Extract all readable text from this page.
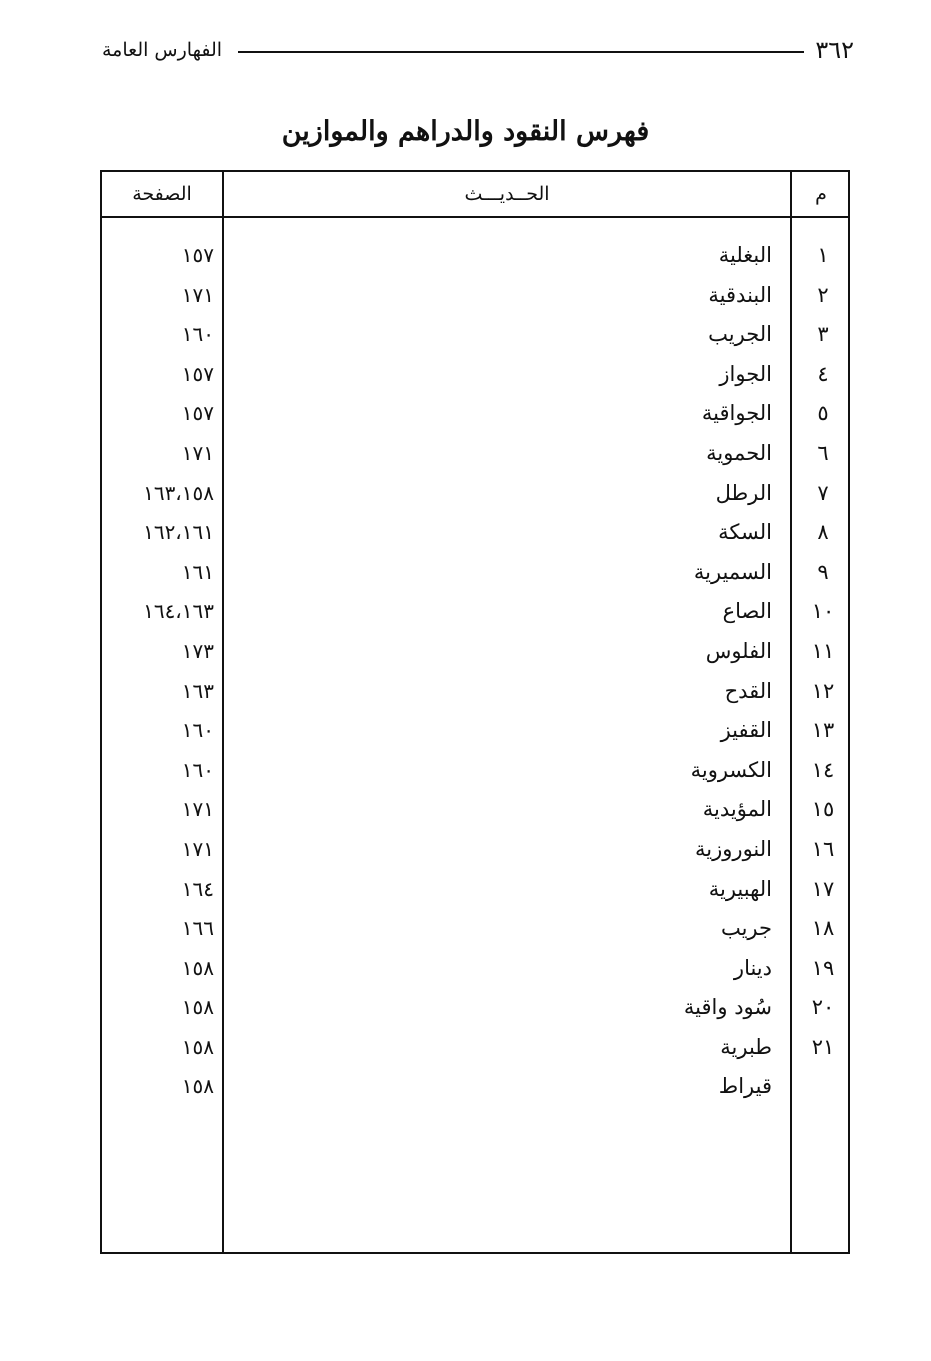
٣٦٢
الفهارس العامة
فهرس النقود والدراهم والموازين
م
الحــديـــث
الصفحة
١
البغلية
١٥٧
٢
البندقية
١٧١
٣
الجريب
١٦٠
٤
الجواز
١٥٧
٥
الجواقية
١٥٧
٦
الحموية
١٧١
٧
الرطل
١٦٣،١٥٨
٨
السكة
١٦٢،١٦١
٩
السميرية
١٦١
١٠
الصاع
١٦٤،١٦٣
١١
الفلوس
١٧٣
١٢
القدح
١٦٣
١٣
القفيز
١٦٠
١٤
الكسروية
١٦٠
١٥
المؤيدية
١٧١
١٦
النوروزية
١٧١
١٧
الهبيرية
١٦٤
١٨
جريب
١٦٦
١٩
دينار
١٥٨
٢٠
سُود واقية
١٥٨
٢١
طبرية
١٥٨
قيراط
١٥٨
